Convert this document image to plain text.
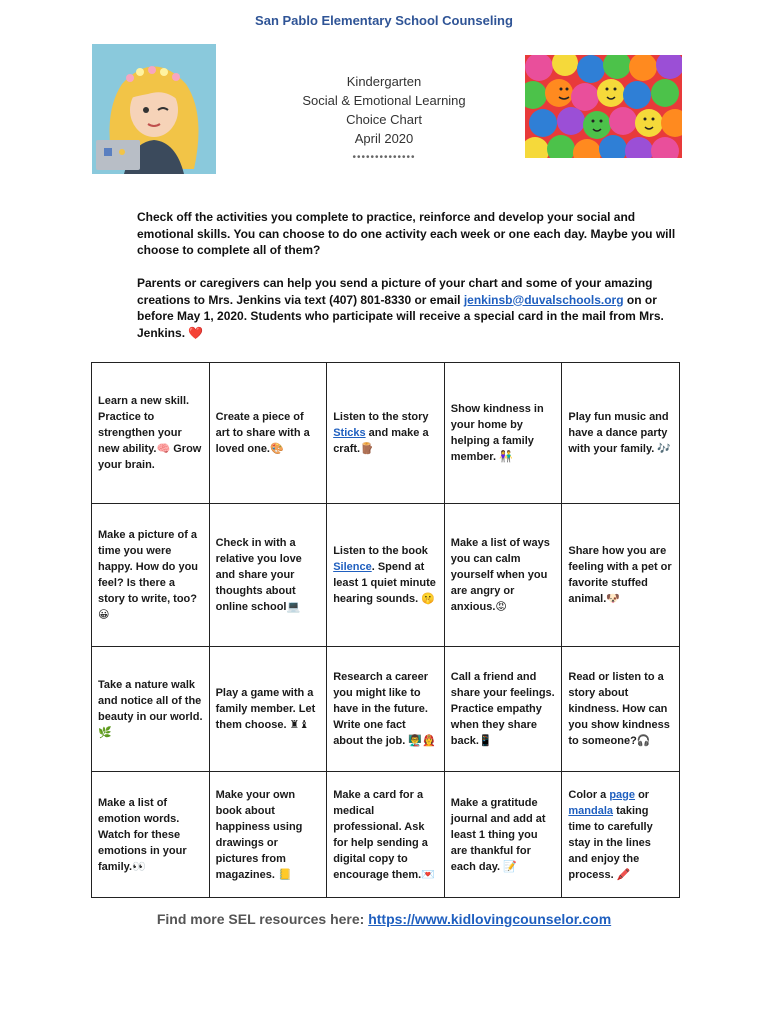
San Pablo Elementary School Counseling
Kindergarten
Social & Emotional Learning
Choice Chart
April 2020
••••••••••••••
Check off the activities you complete to practice, reinforce and develop your social and emotional skills. You can choose to do one activity each week or one each day. Maybe you will choose to complete all of them?
Parents or caregivers can help you send a picture of your chart and some of your amazing creations to Mrs. Jenkins via text (407) 801-8330 or email jenkinsb@duvalschools.org on or before May 1, 2020. Students who participate will receive a special card in the mail from Mrs. Jenkins. ❤️
Learn a new skill. Practice to strengthen your new ability.🧠 Grow your brain.	Create a piece of art to share with a loved one.🎨	Listen to the story Sticks and make a craft.🪵	Show kindness in your home by helping a family member. 👫	Play fun music and have a dance party with your family. 🎶
Make a picture of a time you were happy. How do you feel? Is there a story to write, too? 😀	Check in with a relative you love and share your thoughts about online school💻	Listen to the book Silence. Spend at least 1 quiet minute hearing sounds. 🤫	Make a list of ways you can calm yourself when you are angry or anxious.😡	Share how you are feeling with a pet or favorite stuffed animal.🐶
Take a nature walk and notice all of the beauty in our world.🌿	Play a game with a family member. Let them choose. ♜♝	Research a career you might like to have in the future. Write one fact about the job. 👨‍🏫👩‍🚒	Call a friend and share your feelings. Practice empathy when they share back.📱	Read or listen to a story about kindness. How can you show kindness to someone?🎧
Make a list of emotion words. Watch for these emotions in your family.👀	Make your own book about happiness using drawings or pictures from magazines. 📒	Make a card for a medical professional. Ask for help sending a digital copy to encourage them.💌	Make a gratitude journal and add at least 1 thing you are thankful for each day. 📝	Color a page or mandala taking time to carefully stay in the lines and enjoy the process. 🖍️
Find more SEL resources here: https://www.kidlovingcounselor.com
